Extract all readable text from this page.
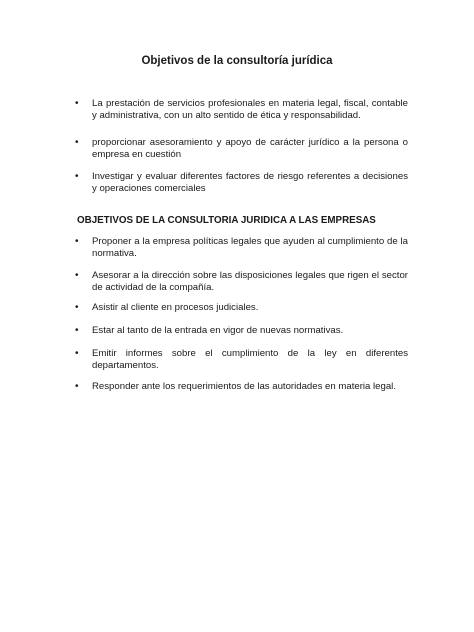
Objetivos de la consultoría jurídica
• La prestación de servicios profesionales en materia legal, fiscal, contable y administrativa, con un alto sentido de ética y responsabilidad.
• proporcionar asesoramiento y apoyo de carácter jurídico a la persona o empresa en cuestión
• Investigar y evaluar diferentes factores de riesgo referentes a decisiones y operaciones comerciales
OBJETIVOS DE LA CONSULTORIA JURIDICA A LAS EMPRESAS
• Proponer a la empresa políticas legales que ayuden al cumplimiento de la normativa.
• Asesorar a la dirección sobre las disposiciones legales que rigen el sector de actividad de la compañía.
• Asistir al cliente en procesos judiciales.
• Estar al tanto de la entrada en vigor de nuevas normativas.
• Emitir informes sobre el cumplimiento de la ley en diferentes departamentos.
• Responder ante los requerimientos de las autoridades en materia legal.
